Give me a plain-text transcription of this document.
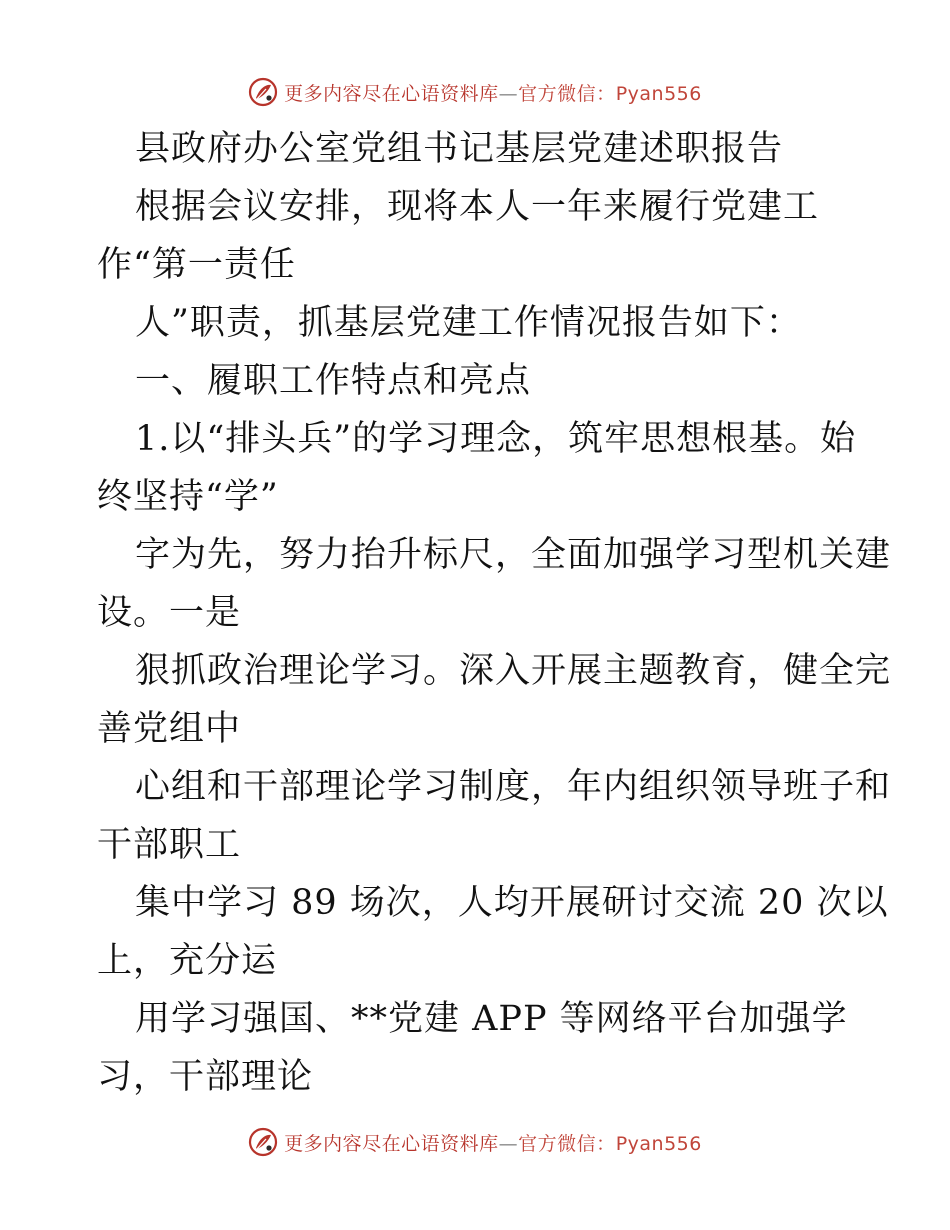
更多内容尽在心语资料库—官方微信：Pyan556
县政府办公室党组书记基层党建述职报告
根据会议安排，现将本人一年来履行党建工
作“第一责任
人”职责，抓基层党建工作情况报告如下：
一、履职工作特点和亮点
1.以“排头兵”的学习理念，筑牢思想根基。始
终坚持“学”
字为先，努力抬升标尺，全面加强学习型机关建
设。一是
狠抓政治理论学习。深入开展主题教育，健全完
善党组中
心组和干部理论学习制度，年内组织领导班子和
干部职工
集中学习 89 场次，人均开展研讨交流 20 次以
上，充分运
用学习强国、**党建 APP 等网络平台加强学
习，干部理论
更多内容尽在心语资料库—官方微信：Pyan556
